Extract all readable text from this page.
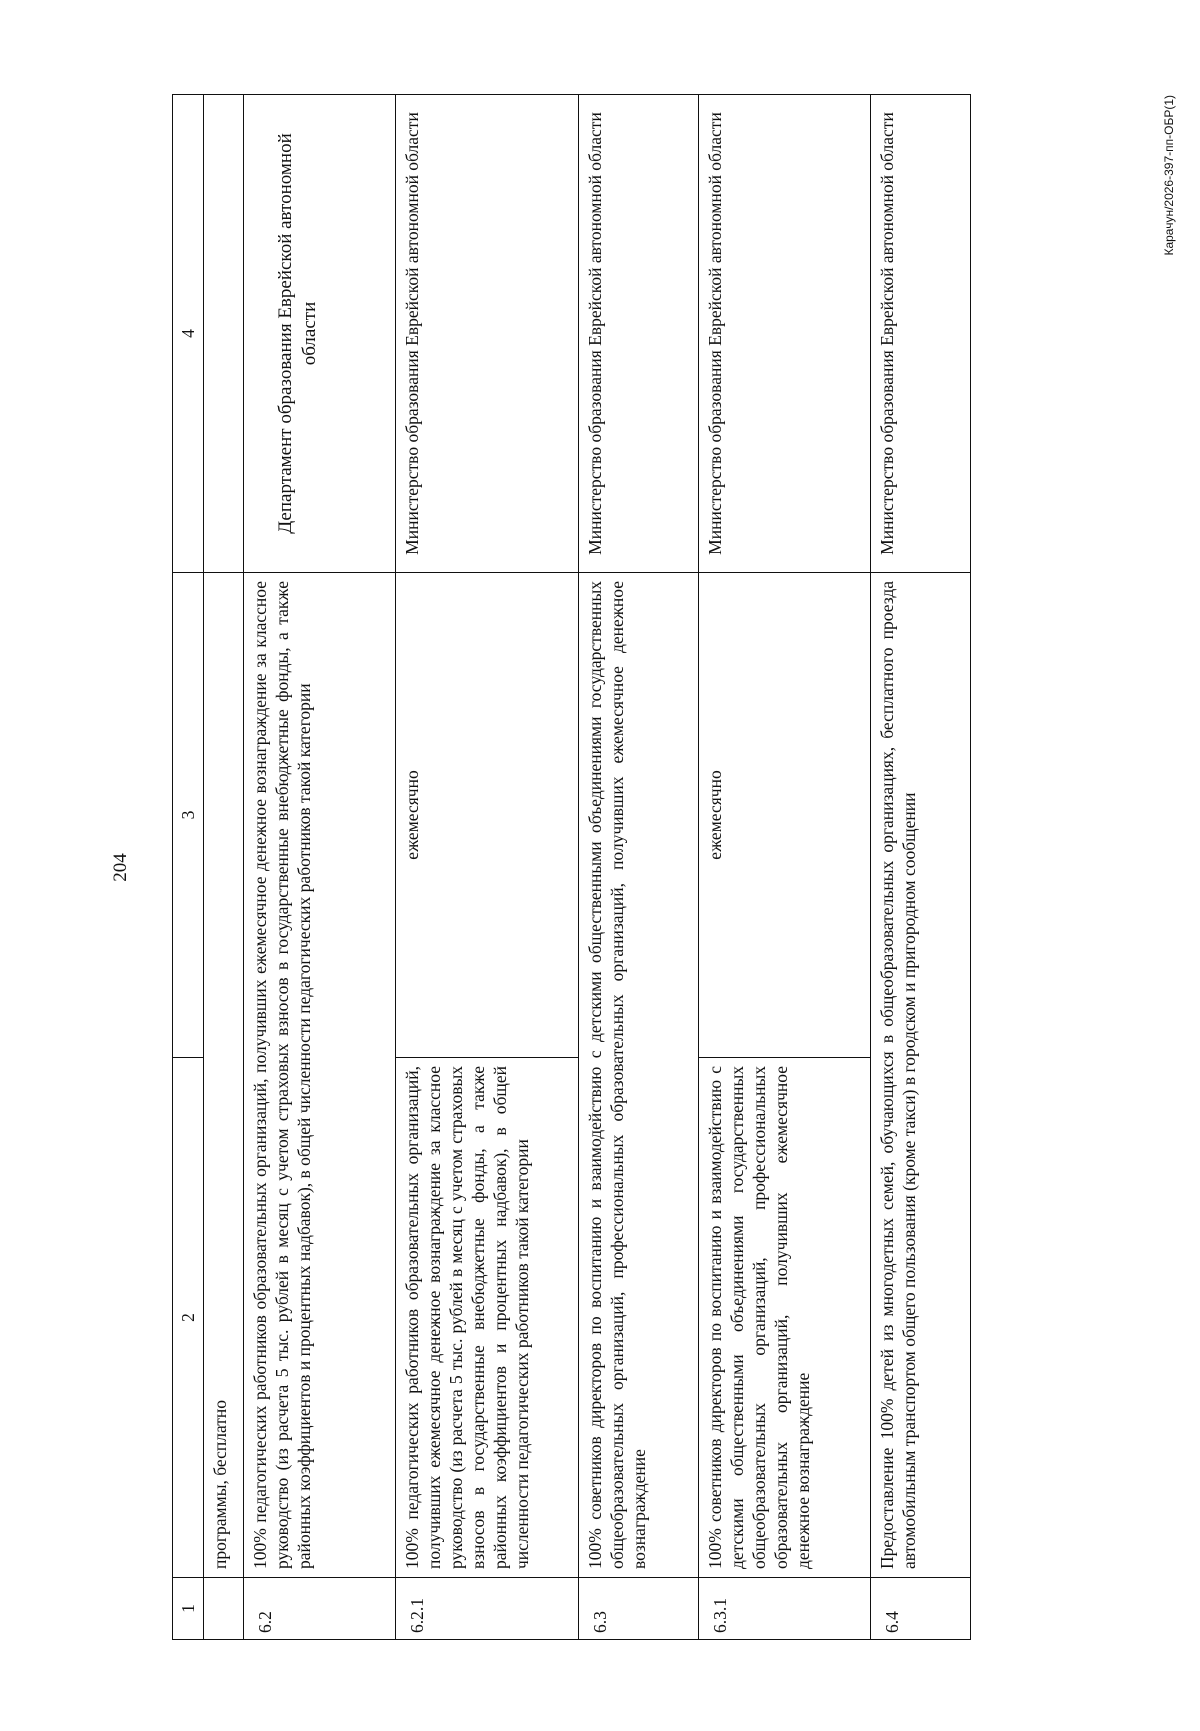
204
1	2	3	4
	программы, бесплатно		
6.2	100% педагогических работников образовательных организаций, получивших ежемесячное денежное вознаграждение за классное руководство (из расчета 5 тыс. рублей в месяц с учетом страховых взносов в государственные внебюджетные фонды, а также районных коэффициентов и процентных надбавок), в общей численности педагогических работников такой категории		Департамент образования Еврейской автономной области
6.2.1	100% педагогических работников образовательных организаций, получивших ежемесячное денежное вознаграждение за классное руководство (из расчета 5 тыс. рублей в месяц с учетом страховых взносов в государственные внебюджетные фонды, а также районных коэффициентов и процентных надбавок), в общей численности педагогических работников такой категории	ежемесячно	Министерство образования Еврейской автономной области
6.3	100% советников директоров по воспитанию и взаимодействию с детскими общественными объединениями государственных общеобразовательных организаций, профессиональных образовательных организаций, получивших ежемесячное денежное вознаграждение		Министерство образования Еврейской автономной области
6.3.1	100% советников директоров по воспитанию и взаимодействию с детскими общественными объединениями государственных общеобразовательных организаций, профессиональных образовательных организаций, получивших ежемесячное денежное вознаграждение	ежемесячно	Министерство образования Еврейской автономной области
6.4	Предоставление 100% детей из многодетных семей, обучающихся в общеобразовательных организациях, бесплатного проезда автомобильным транспортом общего пользования (кроме такси) в городском и пригородном сообщении		Министерство образования Еврейской автономной области	Карачун/2026-397-пп-ОБР(1)
